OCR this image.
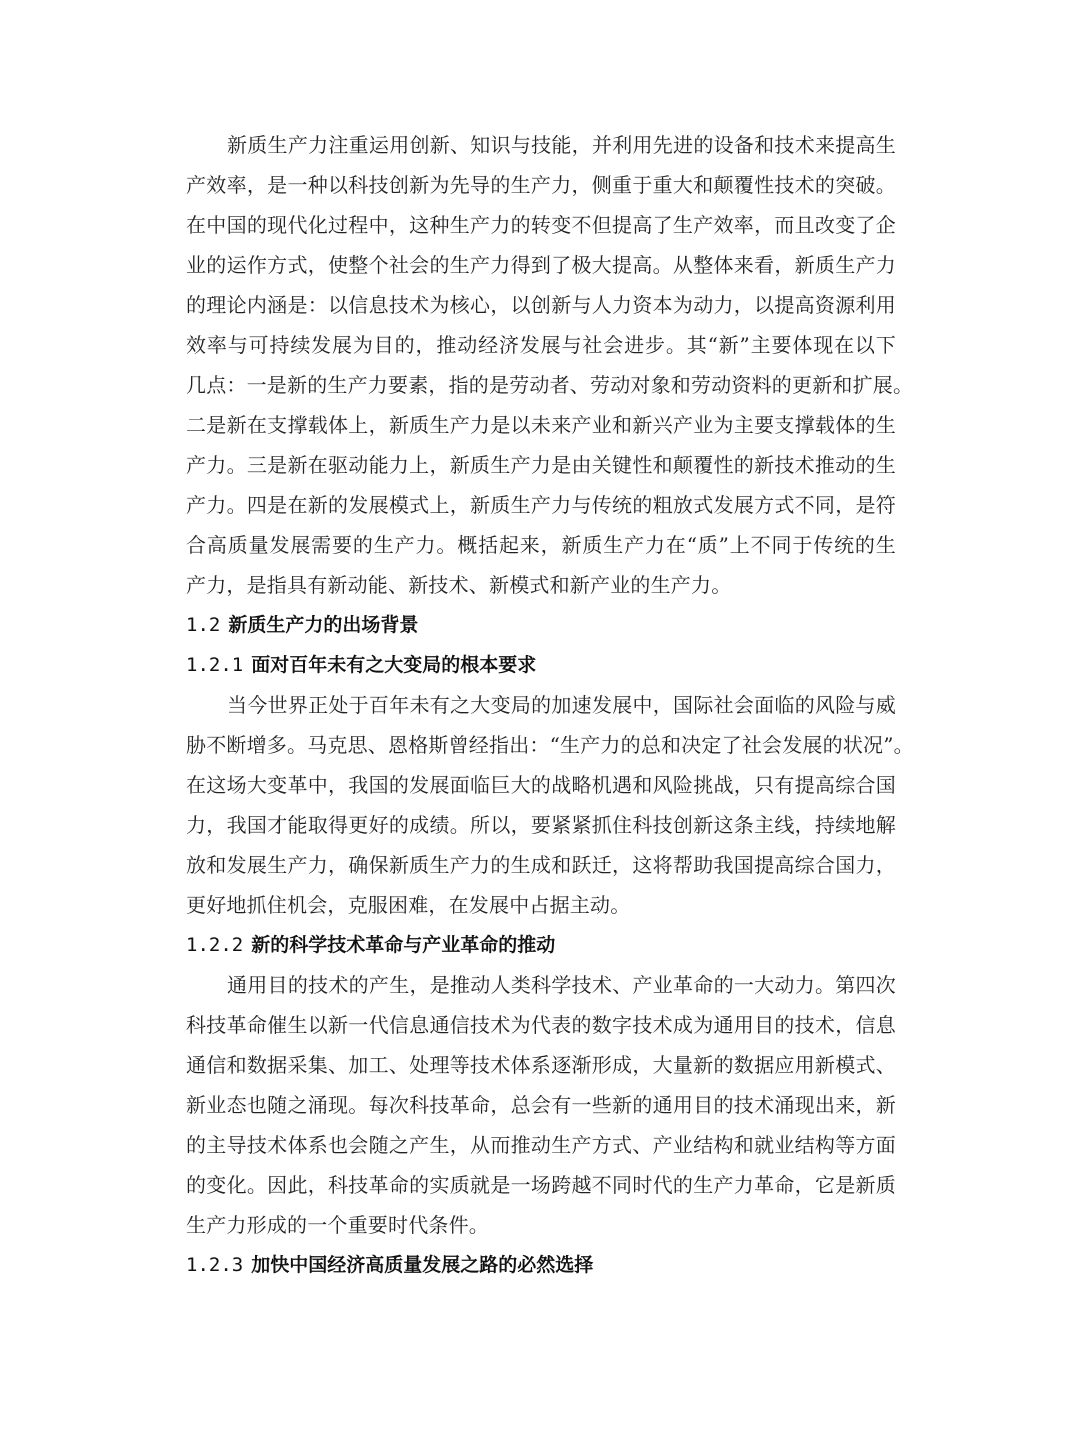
新质生产力注重运用创新、知识与技能，并利用先进的设备和技术来提高生
产效率，是一种以科技创新为先导的生产力，侧重于重大和颠覆性技术的突破。
在中国的现代化过程中，这种生产力的转变不但提高了生产效率，而且改变了企
业的运作方式，使整个社会的生产力得到了极大提高。从整体来看，新质生产力
的理论内涵是：以信息技术为核心，以创新与人力资本为动力，以提高资源利用
效率与可持续发展为目的，推动经济发展与社会进步。其“新”主要体现在以下
几点：一是新的生产力要素，指的是劳动者、劳动对象和劳动资料的更新和扩展。
二是新在支撑载体上，新质生产力是以未来产业和新兴产业为主要支撑载体的生
产力。三是新在驱动能力上，新质生产力是由关键性和颠覆性的新技术推动的生
产力。四是在新的发展模式上，新质生产力与传统的粗放式发展方式不同，是符
合高质量发展需要的生产力。概括起来，新质生产力在“质”上不同于传统的生
产力，是指具有新动能、新技术、新模式和新产业的生产力。
1.2 新质生产力的出场背景
1.2.1 面对百年未有之大变局的根本要求
当今世界正处于百年未有之大变局的加速发展中，国际社会面临的风险与威
胁不断增多。马克思、恩格斯曾经指出：“生产力的总和决定了社会发展的状况”。
在这场大变革中，我国的发展面临巨大的战略机遇和风险挑战，只有提高综合国
力，我国才能取得更好的成绩。所以，要紧紧抓住科技创新这条主线，持续地解
放和发展生产力，确保新质生产力的生成和跃迁，这将帮助我国提高综合国力，
更好地抓住机会，克服困难，在发展中占据主动。
1.2.2 新的科学技术革命与产业革命的推动
通用目的技术的产生，是推动人类科学技术、产业革命的一大动力。第四次
科技革命催生以新一代信息通信技术为代表的数字技术成为通用目的技术，信息
通信和数据采集、加工、处理等技术体系逐渐形成，大量新的数据应用新模式、
新业态也随之涌现。每次科技革命，总会有一些新的通用目的技术涌现出来，新
的主导技术体系也会随之产生，从而推动生产方式、产业结构和就业结构等方面
的变化。因此，科技革命的实质就是一场跨越不同时代的生产力革命，它是新质
生产力形成的一个重要时代条件。
1.2.3 加快中国经济高质量发展之路的必然选择
